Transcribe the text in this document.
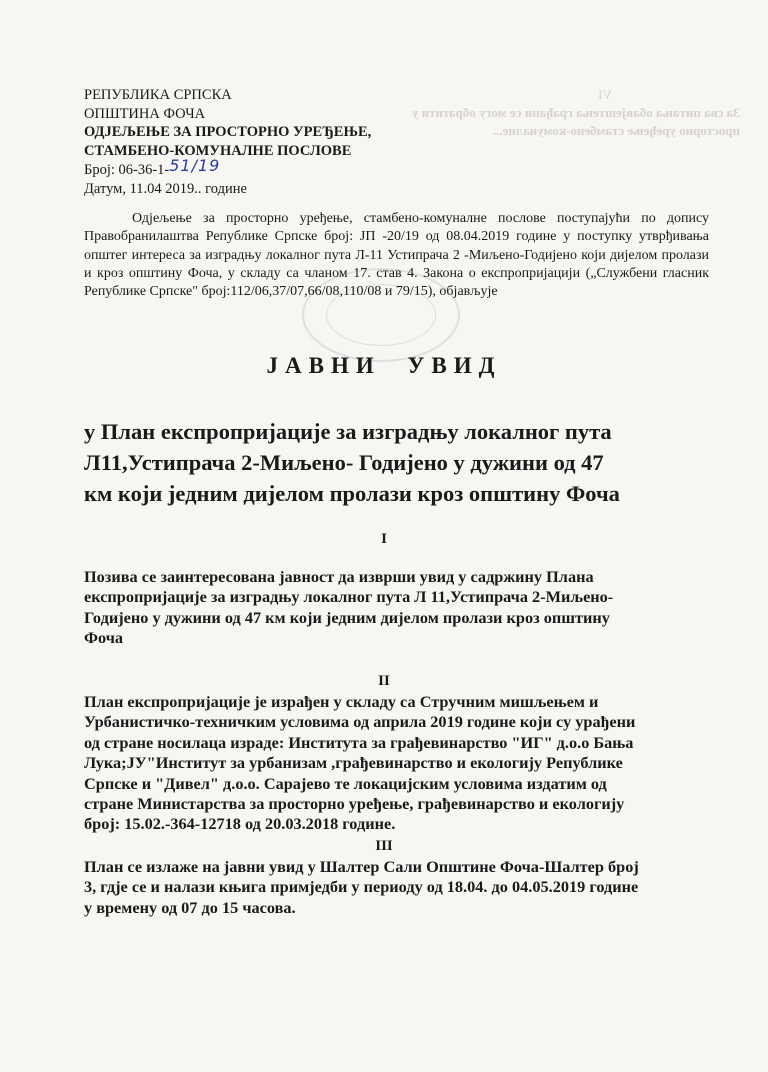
VI
За сва питања обавјештења грађани се могу обратити у
просторно уређење стамбено-комуналне...
РЕПУБЛИКА СРПСКА
ОПШТИНА ФОЧА
ОДЈЕЉЕЊЕ ЗА ПРОСТОРНО УРЕЂЕЊЕ,
СТАМБЕНО-КОМУНАЛНЕ ПОСЛОВЕ
Број: 06-36-1-51/19
Датум, 11.04 2019.. године
Одјељење за просторно уређење, стамбено-комуналне послове поступајући по допису Правобранилаштва Републике Српске број: ЈП -20/19 од 08.04.2019 године у поступку утврђивања општег интереса за изградњу локалног пута Л-11 Устипрача 2 -Миљено-Годијено који дијелом пролази и кроз општину Фоча, у складу са чланом 17. став 4. Закона о експропријацији („Службени гласник Републике Српске" број:112/06,37/07,66/08,110/08 и 79/15), објављује
ЈАВНИ УВИД
у План експропријације за изградњу локалног пута
Л11,Устипрача 2-Миљено- Годијено у дужини од 47
км који једним дијелом пролази кроз општину Фоча
I
Позива се заинтересована јавност да изврши увид у садржину Плана
експропријације за изградњу локалног пута Л 11,Устипрача 2-Миљено-
Годијено у дужини од 47 км који једним дијелом пролази кроз општину
Фоча
II
План експропријације је израђен у складу са Стручним мишљењем и
Урбанистичко-техничким условима од априла 2019 године који су урађени
од стране носилаца израде: Института за грађевинарство "ИГ" д.о.о Бања
Лука;ЈУ"Институт за урбанизам ,грађевинарство и екологију Републике
Српске и "Дивел" д.о.о. Сарајево те локацијским условима издатим од
стране Министарства за просторно уређење, грађевинарство и екологију
број: 15.02.-364-12718 од 20.03.2018 године.
III
План се излаже на јавни увид у Шалтер Сали Општине Фоча-Шалтер број
3, гдје се и налази књига примједби у периоду од 18.04. до 04.05.2019 године
у времену од 07 до 15 часова.
